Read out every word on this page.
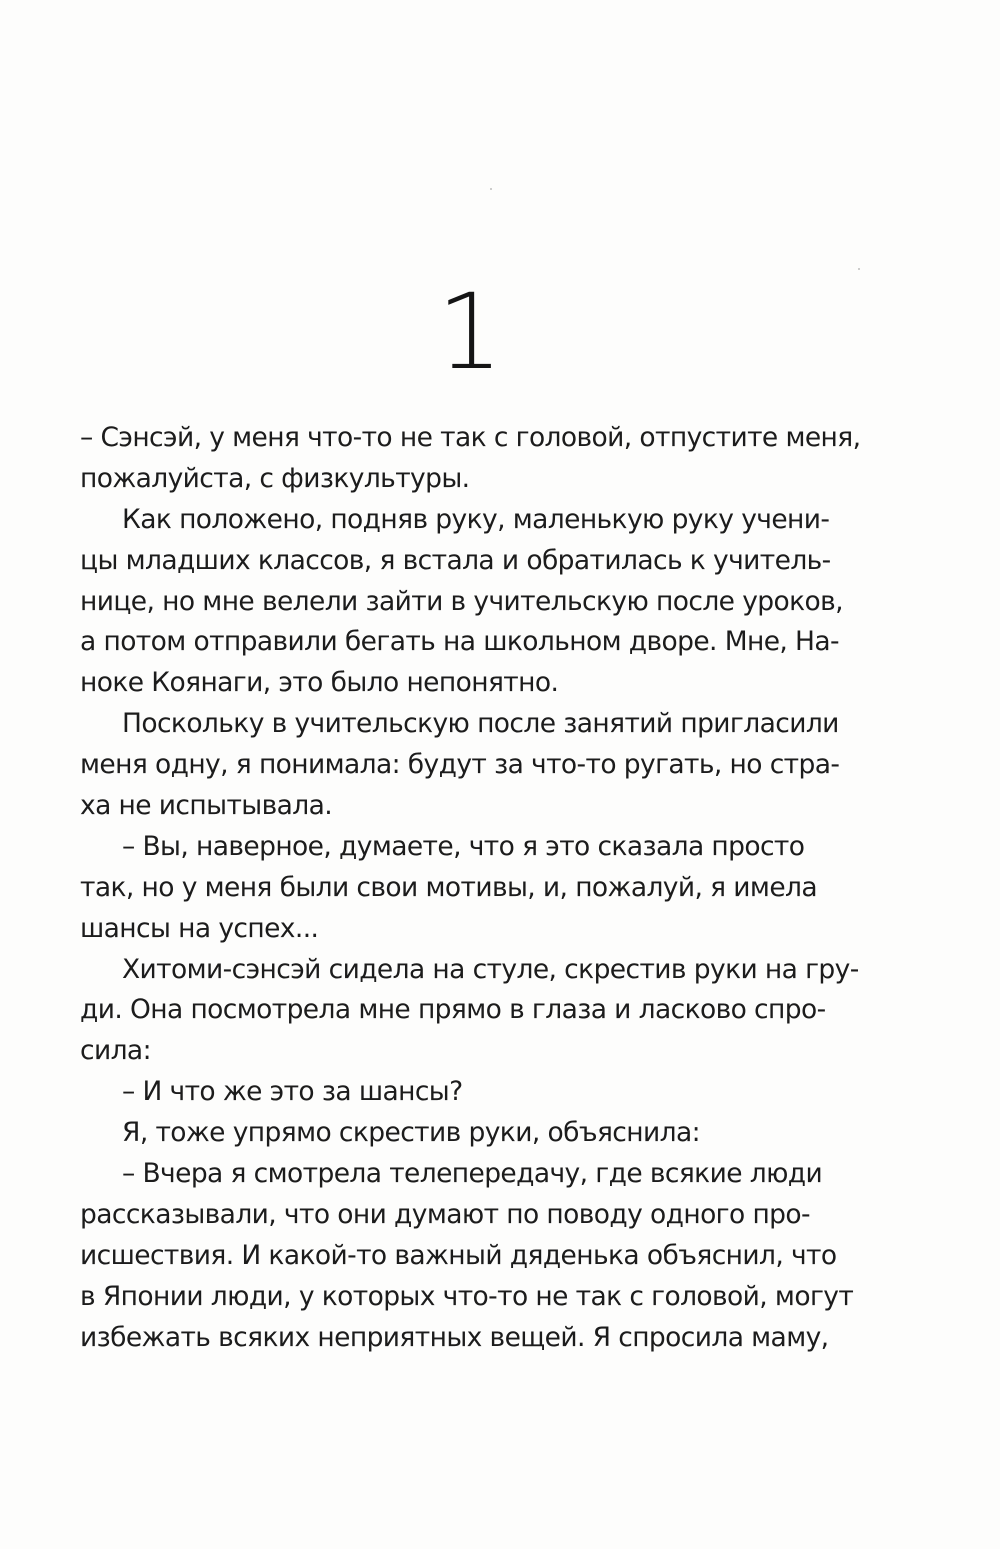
1
– Сэнсэй, у меня что-то не так с головой, отпустите меня,
пожалуйста, с физкультуры.
Как положено, подняв руку, маленькую руку учени-
цы младших классов, я встала и обратилась к учитель-
нице, но мне велели зайти в учительскую после уроков,
а потом отправили бегать на школьном дворе. Мне, На-
ноке Коянаги, это было непонятно.
Поскольку в учительскую после занятий пригласили
меня одну, я понимала: будут за что-то ругать, но стра-
ха не испытывала.
– Вы, наверное, думаете, что я это сказала просто
так, но у меня были свои мотивы, и, пожалуй, я имела
шансы на успех...
Хитоми-сэнсэй сидела на стуле, скрестив руки на гру-
ди. Она посмотрела мне прямо в глаза и ласково спро-
сила:
– И что же это за шансы?
Я, тоже упрямо скрестив руки, объяснила:
– Вчера я смотрела телепередачу, где всякие люди
рассказывали, что они думают по поводу одного про-
исшествия. И какой-то важный дяденька объяснил, что
в Японии люди, у которых что-то не так с головой, могут
избежать всяких неприятных вещей. Я спросила маму,
